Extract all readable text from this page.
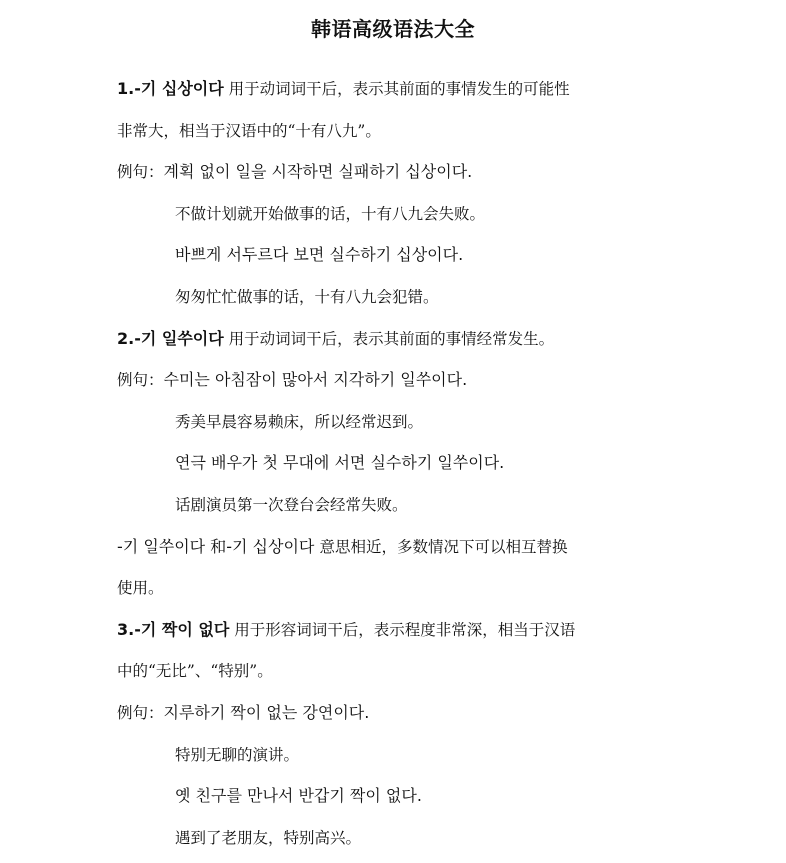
韩语高级语法大全
1.-기 십상이다 用于动词词干后，表示其前面的事情发生的可能性
非常大，相当于汉语中的“十有八九”。
例句：계획 없이 일을 시작하면 실패하기 십상이다.
不做计划就开始做事的话，十有八九会失败。
바쁘게 서두르다 보면 실수하기 십상이다.
匆匆忙忙做事的话，十有八九会犯错。
2.-기 일쑤이다 用于动词词干后，表示其前面的事情经常发生。
例句：수미는 아침잠이 많아서 지각하기 일쑤이다.
秀美早晨容易赖床，所以经常迟到。
연극 배우가 첫 무대에 서면 실수하기 일쑤이다.
话剧演员第一次登台会经常失败。
-기 일쑤이다 和-기 십상이다 意思相近，多数情况下可以相互替换
使用。
3.-기 짝이 없다 用于形容词词干后，表示程度非常深，相当于汉语
中的“无比”、“特别”。
例句：지루하기 짝이 없는 강연이다.
特别无聊的演讲。
옛 친구를 만나서 반갑기 짝이 없다.
遇到了老朋友，特别高兴。
